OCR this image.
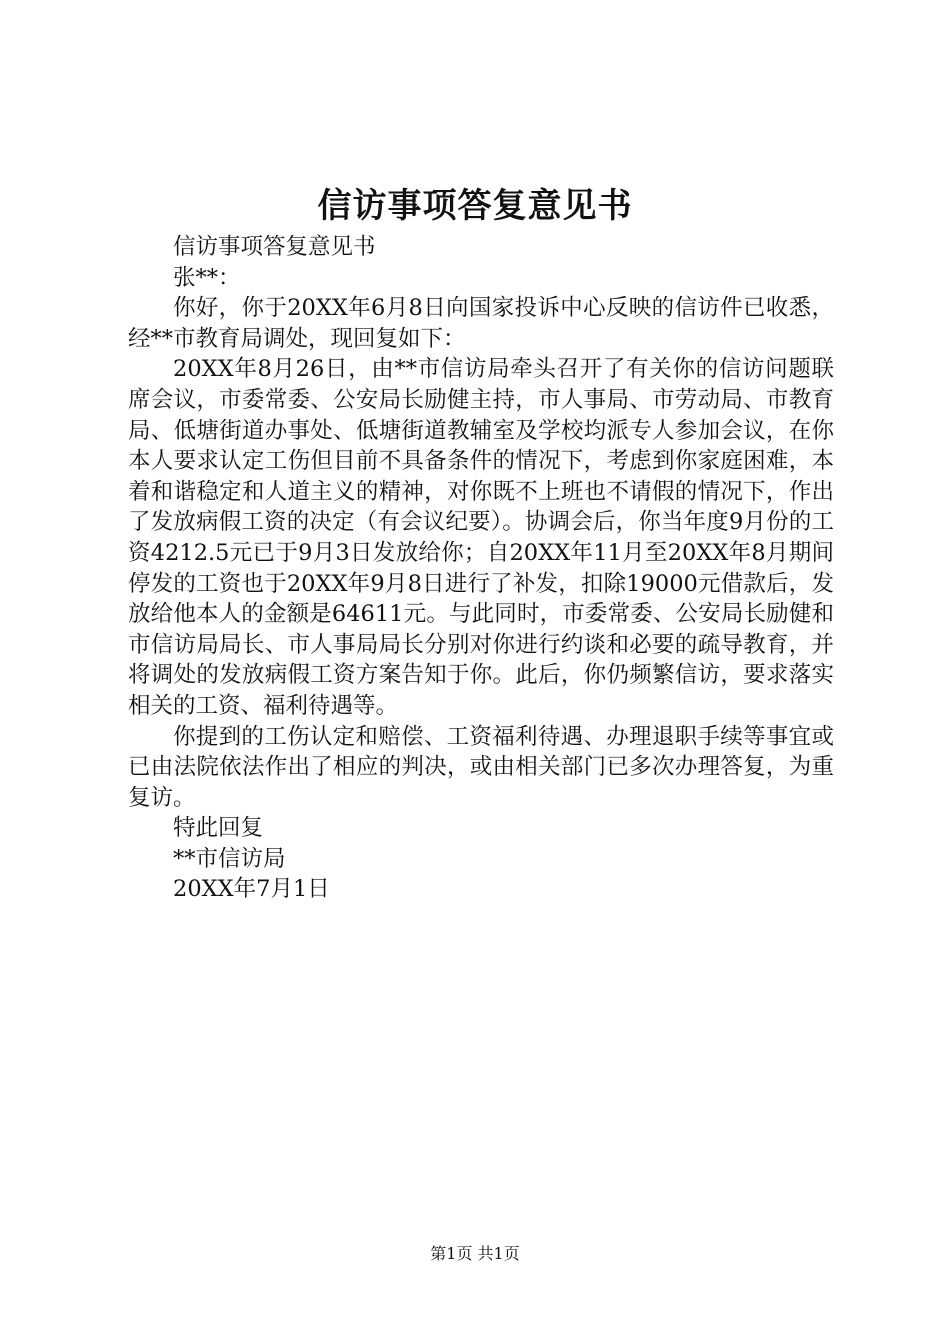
信访事项答复意见书

信访事项答复意见书

张**：

你好，你于20XX年6月8日向国家投诉中心反映的信访件已收悉，经**市教育局调处，现回复如下：

20XX年8月26日，由**市信访局牵头召开了有关你的信访问题联席会议，市委常委、公安局长励健主持，市人事局、市劳动局、市教育局、低塘街道办事处、低塘街道教辅室及学校均派专人参加会议，在你本人要求认定工伤但目前不具备条件的情况下，考虑到你家庭困难，本着和谐稳定和人道主义的精神，对你既不上班也不请假的情况下，作出了发放病假工资的决定（有会议纪要）。协调会后，你当年度9月份的工资4212.5元已于9月3日发放给你；自20XX年11月至20XX年8月期间停发的工资也于20XX年9月8日进行了补发，扣除19000元借款后，发放给他本人的金额是64611元。与此同时，市委常委、公安局长励健和市信访局局长、市人事局局长分别对你进行约谈和必要的疏导教育，并将调处的发放病假工资方案告知于你。此后，你仍频繁信访，要求落实相关的工资、福利待遇等。

你提到的工伤认定和赔偿、工资福利待遇、办理退职手续等事宜或已由法院依法作出了相应的判决，或由相关部门已多次办理答复，为重复访。

特此回复

**市信访局

20XX年7月1日

第1页 共1页
